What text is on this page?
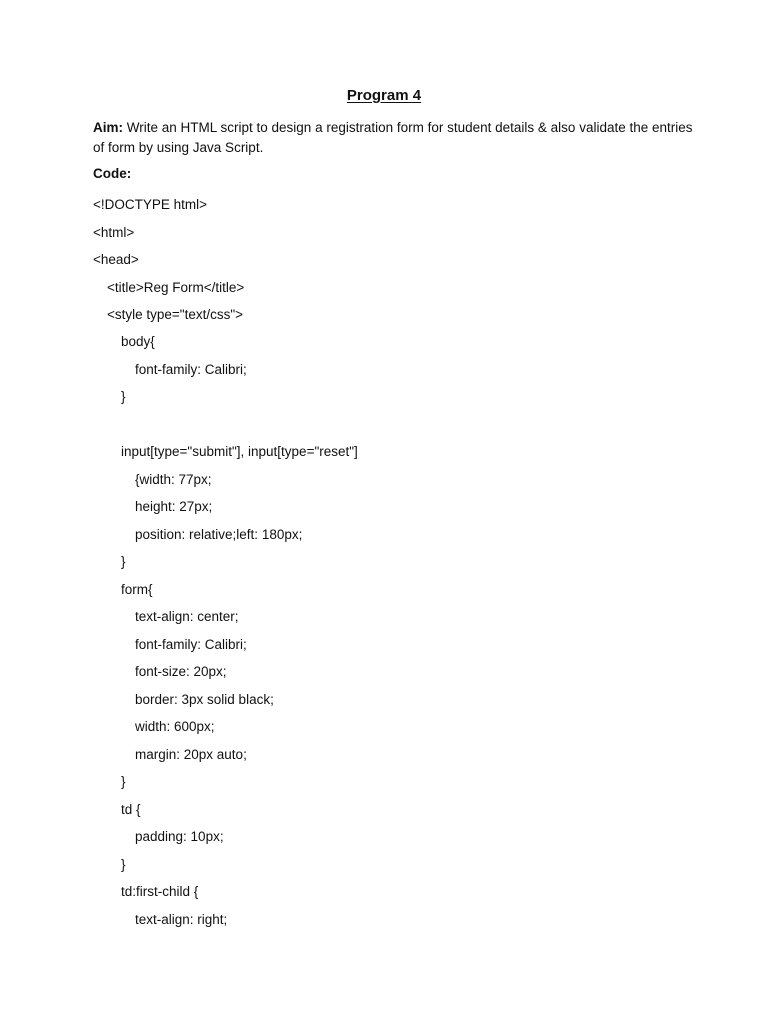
Program 4
Aim: Write an HTML script to design a registration form for student details & also validate the entries of form by using Java Script.
Code:
<!DOCTYPE html>
<html>
<head>
<title>Reg Form</title>
<style type="text/css">
body{
font-family: Calibri;
}
input[type="submit"], input[type="reset"]
{width: 77px;
height: 27px;
position: relative;left: 180px;
}
form{
text-align: center;
font-family: Calibri;
font-size: 20px;
border: 3px solid black;
width: 600px;
margin: 20px auto;
}
td {
padding: 10px;
}
td:first-child {
text-align: right;
